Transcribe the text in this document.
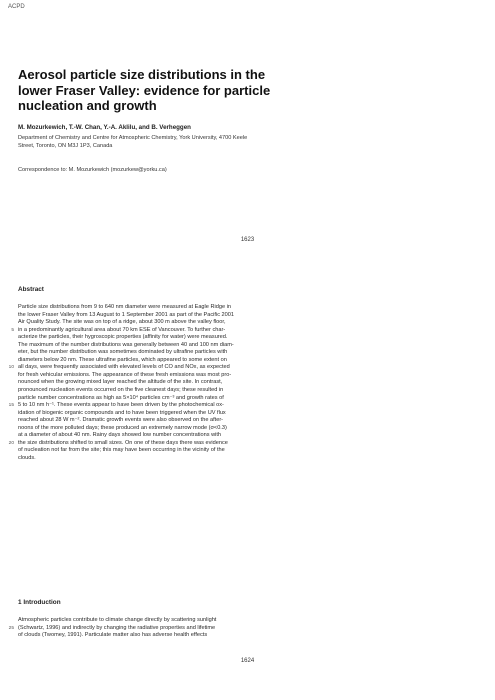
ACPD
Aerosol particle size distributions in the
lower Fraser Valley: evidence for particle
nucleation and growth
M. Mozurkewich, T.-W. Chan, Y.-A. Aklilu, and B. Verheggen
Department of Chemistry and Centre for Atmospheric Chemistry, York University, 4700 Keele
Street, Toronto, ON M3J 1P3, Canada
Correspondence to: M. Mozurkewich (mozurkew@yorku.ca)
1623
Abstract
Particle size distributions from 9 to 640 nm diameter were measured at Eagle Ridge in
the lower Fraser Valley from 13 August to 1 September 2001 as part of the Pacific 2001
Air Quality Study. The site was on top of a ridge, about 300 m above the valley floor,
5 in a predominantly agricultural area about 70 km ESE of Vancouver. To further char-
acterize the particles, their hygroscopic properties (affinity for water) were measured.
The maximum of the number distributions was generally between 40 and 100 nm diam-
eter, but the number distribution was sometimes dominated by ultrafine particles with
diameters below 20 nm. These ultrafine particles, which appeared to some extent on
10 all days, were frequently associated with elevated levels of CO and NOx, as expected
for fresh vehicular emissions. The appearance of these fresh emissions was most pro-
nounced when the growing mixed layer reached the altitude of the site. In contrast,
pronounced nucleation events occurred on the five cleanest days; these resulted in
particle number concentrations as high as 5×10⁴ particles cm⁻³ and growth rates of
15 5 to 10 nm h⁻¹. These events appear to have been driven by the photochemical ox-
idation of biogenic organic compounds and to have been triggered when the UV flux
reached about 28 W m⁻². Dramatic growth events were also observed on the after-
noons of the more polluted days; these produced an extremely narrow mode (σ<0.3)
at a diameter of about 40 nm. Rainy days showed low number concentrations with
20 the size distributions shifted to small sizes. On one of these days there was evidence
of nucleation not far from the site; this may have been occurring in the vicinity of the
clouds.
1 Introduction
Atmospheric particles contribute to climate change directly by scattering sunlight
25 (Schwartz, 1996) and indirectly by changing the radiative properties and lifetime
of clouds (Twomey, 1991). Particulate matter also has adverse health effects
1624
